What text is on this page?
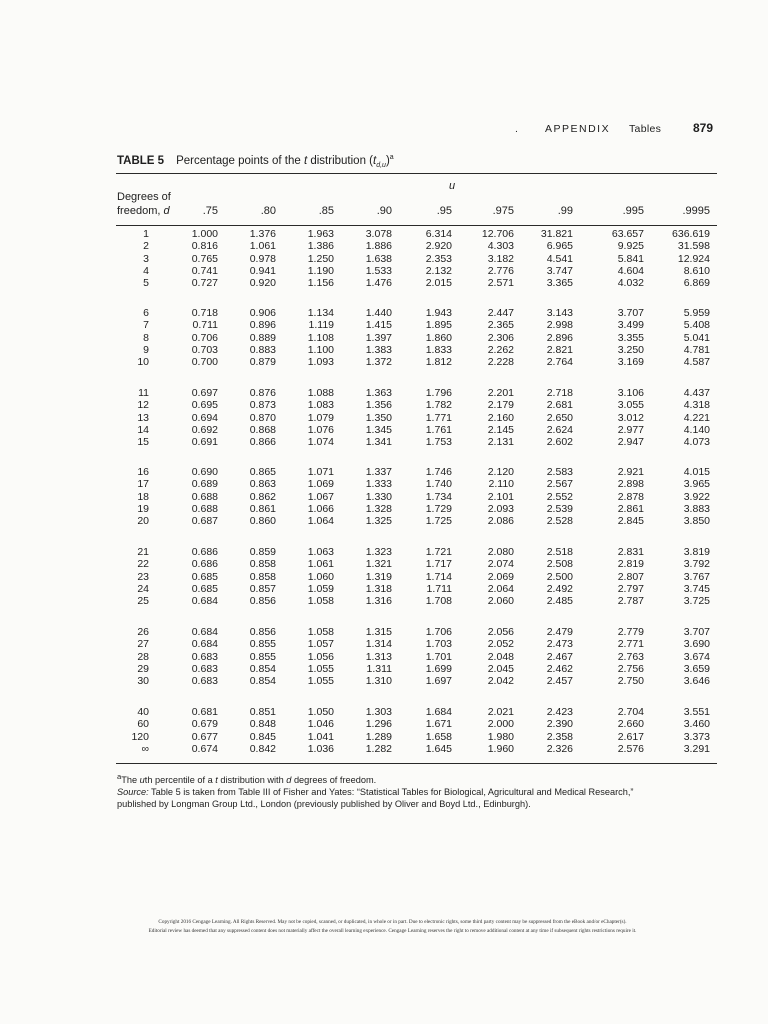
. APPENDIX Tables	879
TABLE 5 Percentage points of the t distribution $(t_{d,u})^a$
u
Degrees of
freedom, d	.75	.80	.85	.90	.95	.975	.99	.995	.9995
1	1.000	1.376	1.963	3.078	6.314	12.706	31.821	63.657	636.619
2	0.816	1.061	1.386	1.886	2.920	4.303	6.965	9.925	31.598
3	0.765	0.978	1.250	1.638	2.353	3.182	4.541	5.841	12.924
4	0.741	0.941	1.190	1.533	2.132	2.776	3.747	4.604	8.610
5	0.727	0.920	1.156	1.476	2.015	2.571	3.365	4.032	6.869
6	0.718	0.906	1.134	1.440	1.943	2.447	3.143	3.707	5.959
7	0.711	0.896	1.119	1.415	1.895	2.365	2.998	3.499	5.408
8	0.706	0.889	1.108	1.397	1.860	2.306	2.896	3.355	5.041
9	0.703	0.883	1.100	1.383	1.833	2.262	2.821	3.250	4.781
10	0.700	0.879	1.093	1.372	1.812	2.228	2.764	3.169	4.587
11	0.697	0.876	1.088	1.363	1.796	2.201	2.718	3.106	4.437
12	0.695	0.873	1.083	1.356	1.782	2.179	2.681	3.055	4.318
13	0.694	0.870	1.079	1.350	1.771	2.160	2.650	3.012	4.221
14	0.692	0.868	1.076	1.345	1.761	2.145	2.624	2.977	4.140
15	0.691	0.866	1.074	1.341	1.753	2.131	2.602	2.947	4.073
16	0.690	0.865	1.071	1.337	1.746	2.120	2.583	2.921	4.015
17	0.689	0.863	1.069	1.333	1.740	2.110	2.567	2.898	3.965
18	0.688	0.862	1.067	1.330	1.734	2.101	2.552	2.878	3.922
19	0.688	0.861	1.066	1.328	1.729	2.093	2.539	2.861	3.883
20	0.687	0.860	1.064	1.325	1.725	2.086	2.528	2.845	3.850
21	0.686	0.859	1.063	1.323	1.721	2.080	2.518	2.831	3.819
22	0.686	0.858	1.061	1.321	1.717	2.074	2.508	2.819	3.792
23	0.685	0.858	1.060	1.319	1.714	2.069	2.500	2.807	3.767
24	0.685	0.857	1.059	1.318	1.711	2.064	2.492	2.797	3.745
25	0.684	0.856	1.058	1.316	1.708	2.060	2.485	2.787	3.725
26	0.684	0.856	1.058	1.315	1.706	2.056	2.479	2.779	3.707
27	0.684	0.855	1.057	1.314	1.703	2.052	2.473	2.771	3.690
28	0.683	0.855	1.056	1.313	1.701	2.048	2.467	2.763	3.674
29	0.683	0.854	1.055	1.311	1.699	2.045	2.462	2.756	3.659
30	0.683	0.854	1.055	1.310	1.697	2.042	2.457	2.750	3.646
40	0.681	0.851	1.050	1.303	1.684	2.021	2.423	2.704	3.551
60	0.679	0.848	1.046	1.296	1.671	2.000	2.390	2.660	3.460
120	0.677	0.845	1.041	1.289	1.658	1.980	2.358	2.617	3.373
∞	0.674	0.842	1.036	1.282	1.645	1.960	2.326	2.576	3.291
$^a$The uth percentile of a t distribution with d degrees of freedom.
Source: Table 5 is taken from Table III of Fisher and Yates: “Statistical Tables for Biological, Agricultural and Medical Research,”
published by Longman Group Ltd., London (previously published by Oliver and Boyd Ltd., Edinburgh).
Copyright 2016 Cengage Learning. All Rights Reserved. May not be copied, scanned, or duplicated, in whole or in part. Due to electronic rights, some third party content may be suppressed from the eBook and/or eChapter(s).
Editorial review has deemed that any suppressed content does not materially affect the overall learning experience. Cengage Learning reserves the right to remove additional content at any time if subsequent rights restrictions require it.
